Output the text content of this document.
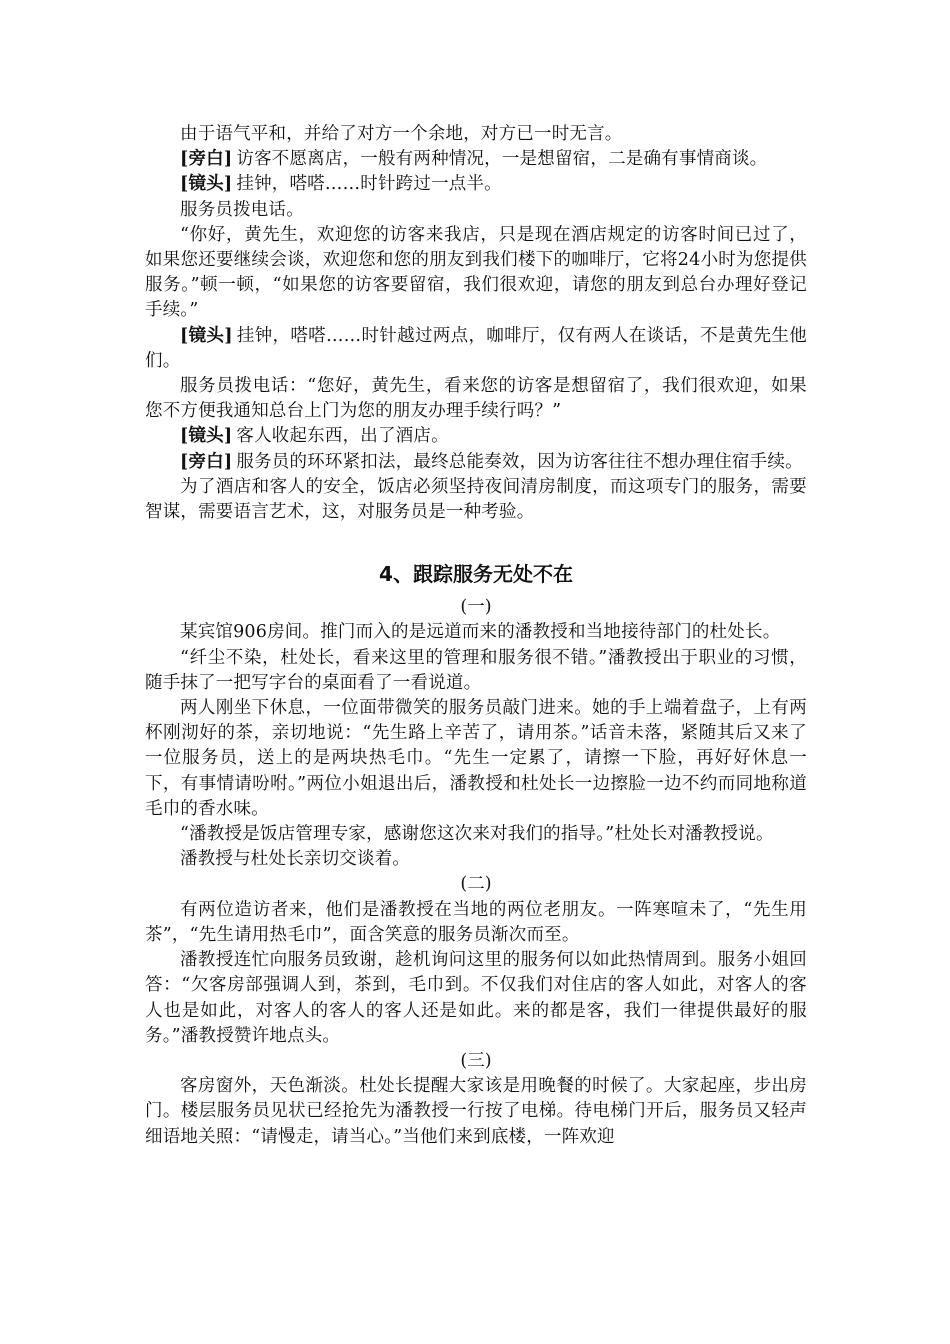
由于语气平和，并给了对方一个余地，对方已一时无言。

[旁白] 访客不愿离店，一般有两种情况，一是想留宿，二是确有事情商谈。

[镜头] 挂钟，嗒嗒……时针跨过一点半。

服务员拨电话。

“你好，黄先生，欢迎您的访客来我店，只是现在酒店规定的访客时间已过了，如果您还要继续会谈，欢迎您和您的朋友到我们楼下的咖啡厅，它将24小时为您提供服务。”顿一顿，“如果您的访客要留宿，我们很欢迎，请您的朋友到总台办理好登记手续。”

[镜头] 挂钟，嗒嗒……时针越过两点，咖啡厅，仅有两人在谈话，不是黄先生他们。

服务员拨电话：“您好，黄先生，看来您的访客是想留宿了，我们很欢迎，如果您不方便我通知总台上门为您的朋友办理手续行吗？”

[镜头] 客人收起东西，出了酒店。

[旁白] 服务员的环环紧扣法，最终总能奏效，因为访客往往不想办理住宿手续。

为了酒店和客人的安全，饭店必须坚持夜间清房制度，而这项专门的服务，需要智谋，需要语言艺术，这，对服务员是一种考验。

4、跟踪服务无处不在

(一)

某宾馆906房间。推门而入的是远道而来的潘教授和当地接待部门的杜处长。

“纤尘不染，杜处长，看来这里的管理和服务很不错。”潘教授出于职业的习惯，随手抹了一把写字台的桌面看了一看说道。

两人刚坐下休息，一位面带微笑的服务员敲门进来。她的手上端着盘子，上有两杯刚沏好的茶，亲切地说：“先生路上辛苦了，请用茶。”话音未落，紧随其后又来了一位服务员，送上的是两块热毛巾。“先生一定累了，请擦一下脸，再好好休息一下，有事情请吩咐。”两位小姐退出后，潘教授和杜处长一边擦脸一边不约而同地称道毛巾的香水味。

“潘教授是饭店管理专家，感谢您这次来对我们的指导。”杜处长对潘教授说。

潘教授与杜处长亲切交谈着。

(二)

有两位造访者来，他们是潘教授在当地的两位老朋友。一阵寒喧未了，“先生用茶”，“先生请用热毛巾”，面含笑意的服务员渐次而至。

潘教授连忙向服务员致谢，趁机询问这里的服务何以如此热情周到。服务小姐回答：“欠客房部强调人到，茶到，毛巾到。不仅我们对住店的客人如此，对客人的客人也是如此，对客人的客人的客人还是如此。来的都是客，我们一律提供最好的服务。”潘教授赞许地点头。

(三)

客房窗外，天色渐淡。杜处长提醒大家该是用晚餐的时候了。大家起座，步出房门。楼层服务员见状已经抢先为潘教授一行按了电梯。待电梯门开后，服务员又轻声细语地关照：“请慢走，请当心。”当他们来到底楼，一阵欢迎
